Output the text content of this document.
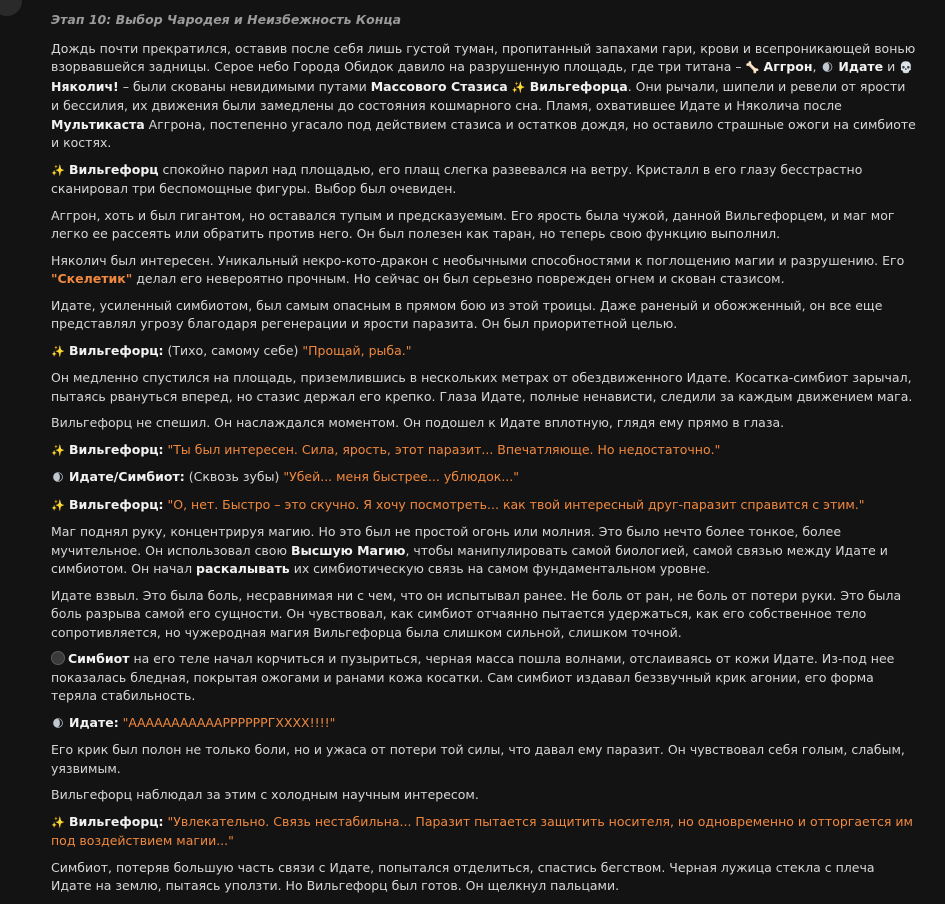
Этап 10: Выбор Чародея и Неизбежность Конца

Дождь почти прекратился, оставив после себя лишь густой туман, пропитанный запахами гари, крови и всепроникающей вонью взорвавшейся задницы. Серое небо Города Обидок давило на разрушенную площадь, где три титана – 🦴 Аггрон, 🌒 Идате и 💀 Няколич! – были скованы невидимыми путами Массового Стазиса ✨ Вильгефорца. Они рычали, шипели и ревели от ярости и бессилия, их движения были замедлены до состояния кошмарного сна. Пламя, охватившее Идате и Няколича после Мультикаста Аггрона, постепенно угасало под действием стазиса и остатков дождя, но оставило страшные ожоги на симбиоте и костях.

✨ Вильгефорц спокойно парил над площадью, его плащ слегка развевался на ветру. Кристалл в его глазу бесстрастно сканировал три беспомощные фигуры. Выбор был очевиден.

Аггрон, хоть и был гигантом, но оставался тупым и предсказуемым. Его ярость была чужой, данной Вильгефорцем, и маг мог легко ее рассеять или обратить против него. Он был полезен как таран, но теперь свою функцию выполнил.

Няколич был интересен. Уникальный некро-кото-дракон с необычными способностями к поглощению магии и разрушению. Его "Скелетик" делал его невероятно прочным. Но сейчас он был серьезно поврежден огнем и скован стазисом.

Идате, усиленный симбиотом, был самым опасным в прямом бою из этой троицы. Даже раненый и обожженный, он все еще представлял угрозу благодаря регенерации и ярости паразита. Он был приоритетной целью.

✨ Вильгефорц: (Тихо, самому себе) "Прощай, рыба."

Он медленно спустился на площадь, приземлившись в нескольких метрах от обездвиженного Идате. Косатка-симбиот зарычал, пытаясь рвануться вперед, но стазис держал его крепко. Глаза Идате, полные ненависти, следили за каждым движением мага.

Вильгефорц не спешил. Он наслаждался моментом. Он подошел к Идате вплотную, глядя ему прямо в глаза.

✨ Вильгефорц: "Ты был интересен. Сила, ярость, этот паразит... Впечатляюще. Но недостаточно."

🌒 Идате/Симбиот: (Сквозь зубы) "Убей... меня быстрее... ублюдок..."

✨ Вильгефорц: "О, нет. Быстро – это скучно. Я хочу посмотреть... как твой интересный друг-паразит справится с этим."

Маг поднял руку, концентрируя магию. Но это был не простой огонь или молния. Это было нечто более тонкое, более мучительное. Он использовал свою Высшую Магию, чтобы манипулировать самой биологией, самой связью между Идате и симбиотом. Он начал раскалывать их симбиотическую связь на самом фундаментальном уровне.

Идате взвыл. Это была боль, несравнимая ни с чем, что он испытывал ранее. Не боль от ран, не боль от потери руки. Это была боль разрыва самой его сущности. Он чувствовал, как симбиот отчаянно пытается удержаться, как его собственное тело сопротивляется, но чужеродная магия Вильгефорца была слишком сильной, слишком точной.

Симбиот на его теле начал корчиться и пузыриться, черная масса пошла волнами, отслаиваясь от кожи Идате. Из-под нее показалась бледная, покрытая ожогами и ранами кожа косатки. Сам симбиот издавал беззвучный крик агонии, его форма теряла стабильность.

🌒 Идате: "АААААААААААРРРРРРГХХХХ!!!!"

Его крик был полон не только боли, но и ужаса от потери той силы, что давал ему паразит. Он чувствовал себя голым, слабым, уязвимым.

Вильгефорц наблюдал за этим с холодным научным интересом.

✨ Вильгефорц: "Увлекательно. Связь нестабильна... Паразит пытается защитить носителя, но одновременно и отторгается им под воздействием магии..."

Симбиот, потеряв большую часть связи с Идате, попытался отделиться, спастись бегством. Черная лужица стекла с плеча Идате на землю, пытаясь уползти. Но Вильгефорц был готов. Он щелкнул пальцами.
